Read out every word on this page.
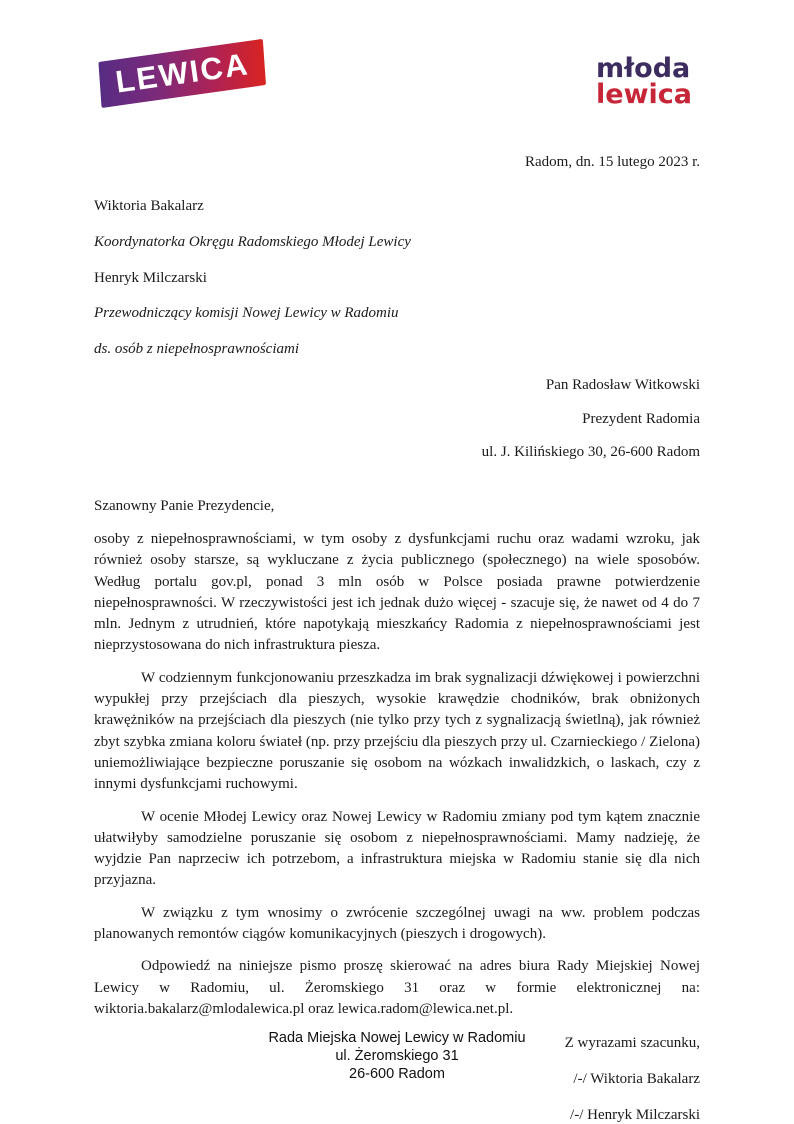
LEWICA	młoda
lewica
Radom, dn. 15 lutego 2023 r.
Wiktoria Bakalarz
Koordynatorka Okręgu Radomskiego Młodej Lewicy
Henryk Milczarski
Przewodniczący komisji Nowej Lewicy w Radomiu
ds. osób z niepełnosprawnościami
Pan Radosław Witkowski
Prezydent Radomia
ul. J. Kilińskiego 30, 26-600 Radom
Szanowny Panie Prezydencie,

osoby z niepełnosprawnościami, w tym osoby z dysfunkcjami ruchu oraz wadami wzroku, jak również osoby starsze, są wykluczane z życia publicznego (społecznego) na wiele sposobów. Według portalu gov.pl, ponad 3 mln osób w Polsce posiada prawne potwierdzenie niepełnosprawności. W rzeczywistości jest ich jednak dużo więcej - szacuje się, że nawet od 4 do 7 mln. Jednym z utrudnień, które napotykają mieszkańcy Radomia z niepełnosprawnościami jest nieprzystosowana do nich infrastruktura piesza.

W codziennym funkcjonowaniu przeszkadza im brak sygnalizacji dźwiękowej i powierzchni wypukłej przy przejściach dla pieszych, wysokie krawędzie chodników, brak obniżonych krawężników na przejściach dla pieszych (nie tylko przy tych z sygnalizacją świetlną), jak również zbyt szybka zmiana koloru świateł (np. przy przejściu dla pieszych przy ul. Czarnieckiego / Zielona) uniemożliwiające bezpieczne poruszanie się osobom na wózkach inwalidzkich, o laskach, czy z innymi dysfunkcjami ruchowymi.

W ocenie Młodej Lewicy oraz Nowej Lewicy w Radomiu zmiany pod tym kątem znacznie ułatwiłyby samodzielne poruszanie się osobom z niepełnosprawnościami. Mamy nadzieję, że wyjdzie Pan naprzeciw ich potrzebom, a infrastruktura miejska w Radomiu stanie się dla nich przyjazna.

W związku z tym wnosimy o zwrócenie szczególnej uwagi na ww. problem podczas planowanych remontów ciągów komunikacyjnych (pieszych i drogowych).

Odpowiedź na niniejsze pismo proszę skierować na adres biura Rady Miejskiej Nowej Lewicy w Radomiu, ul. Żeromskiego 31 oraz w formie elektronicznej na: wiktoria.bakalarz@mlodalewica.pl oraz lewica.radom@lewica.net.pl.

Z wyrazami szacunku,
/-/ Wiktoria Bakalarz
/-/ Henryk Milczarski
Rada Miejska Nowej Lewicy w Radomiu
ul. Żeromskiego 31
26-600 Radom
